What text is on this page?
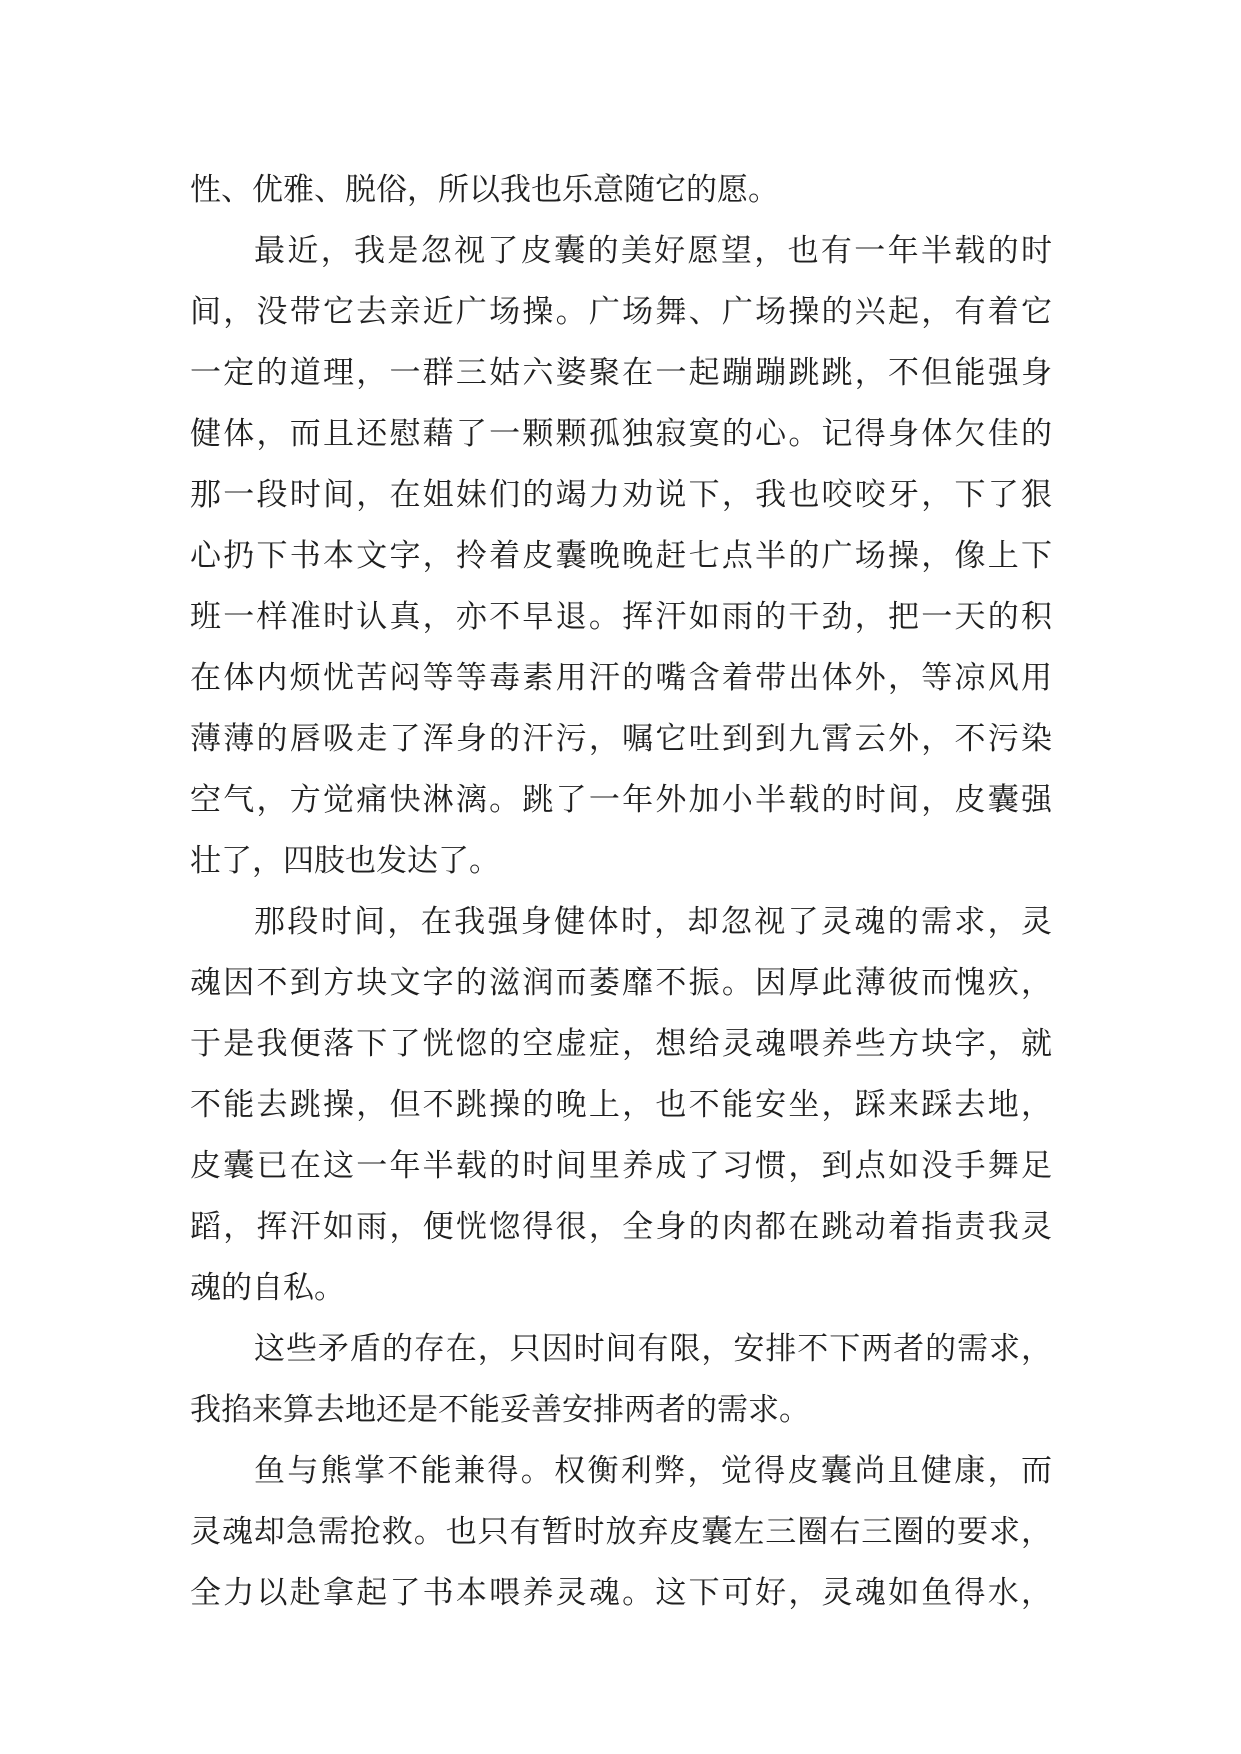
性、优雅、脱俗，所以我也乐意随它的愿。
最近，我是忽视了皮囊的美好愿望，也有一年半载的时
间，没带它去亲近广场操。广场舞、广场操的兴起，有着它
一定的道理，一群三姑六婆聚在一起蹦蹦跳跳，不但能强身
健体，而且还慰藉了一颗颗孤独寂寞的心。记得身体欠佳的
那一段时间，在姐妹们的竭力劝说下，我也咬咬牙，下了狠
心扔下书本文字，拎着皮囊晚晚赶七点半的广场操，像上下
班一样准时认真，亦不早退。挥汗如雨的干劲，把一天的积
在体内烦忧苦闷等等毒素用汗的嘴含着带出体外，等凉风用
薄薄的唇吸走了浑身的汗污，嘱它吐到到九霄云外，不污染
空气，方觉痛快淋漓。跳了一年外加小半载的时间，皮囊强
壮了，四肢也发达了。
那段时间，在我强身健体时，却忽视了灵魂的需求，灵
魂因不到方块文字的滋润而萎靡不振。因厚此薄彼而愧疚，
于是我便落下了恍惚的空虚症，想给灵魂喂养些方块字，就
不能去跳操，但不跳操的晚上，也不能安坐，踩来踩去地，
皮囊已在这一年半载的时间里养成了习惯，到点如没手舞足
蹈，挥汗如雨，便恍惚得很，全身的肉都在跳动着指责我灵
魂的自私。
这些矛盾的存在，只因时间有限，安排不下两者的需求，
我掐来算去地还是不能妥善安排两者的需求。
鱼与熊掌不能兼得。权衡利弊，觉得皮囊尚且健康，而
灵魂却急需抢救。也只有暂时放弃皮囊左三圈右三圈的要求，
全力以赴拿起了书本喂养灵魂。这下可好，灵魂如鱼得水，
